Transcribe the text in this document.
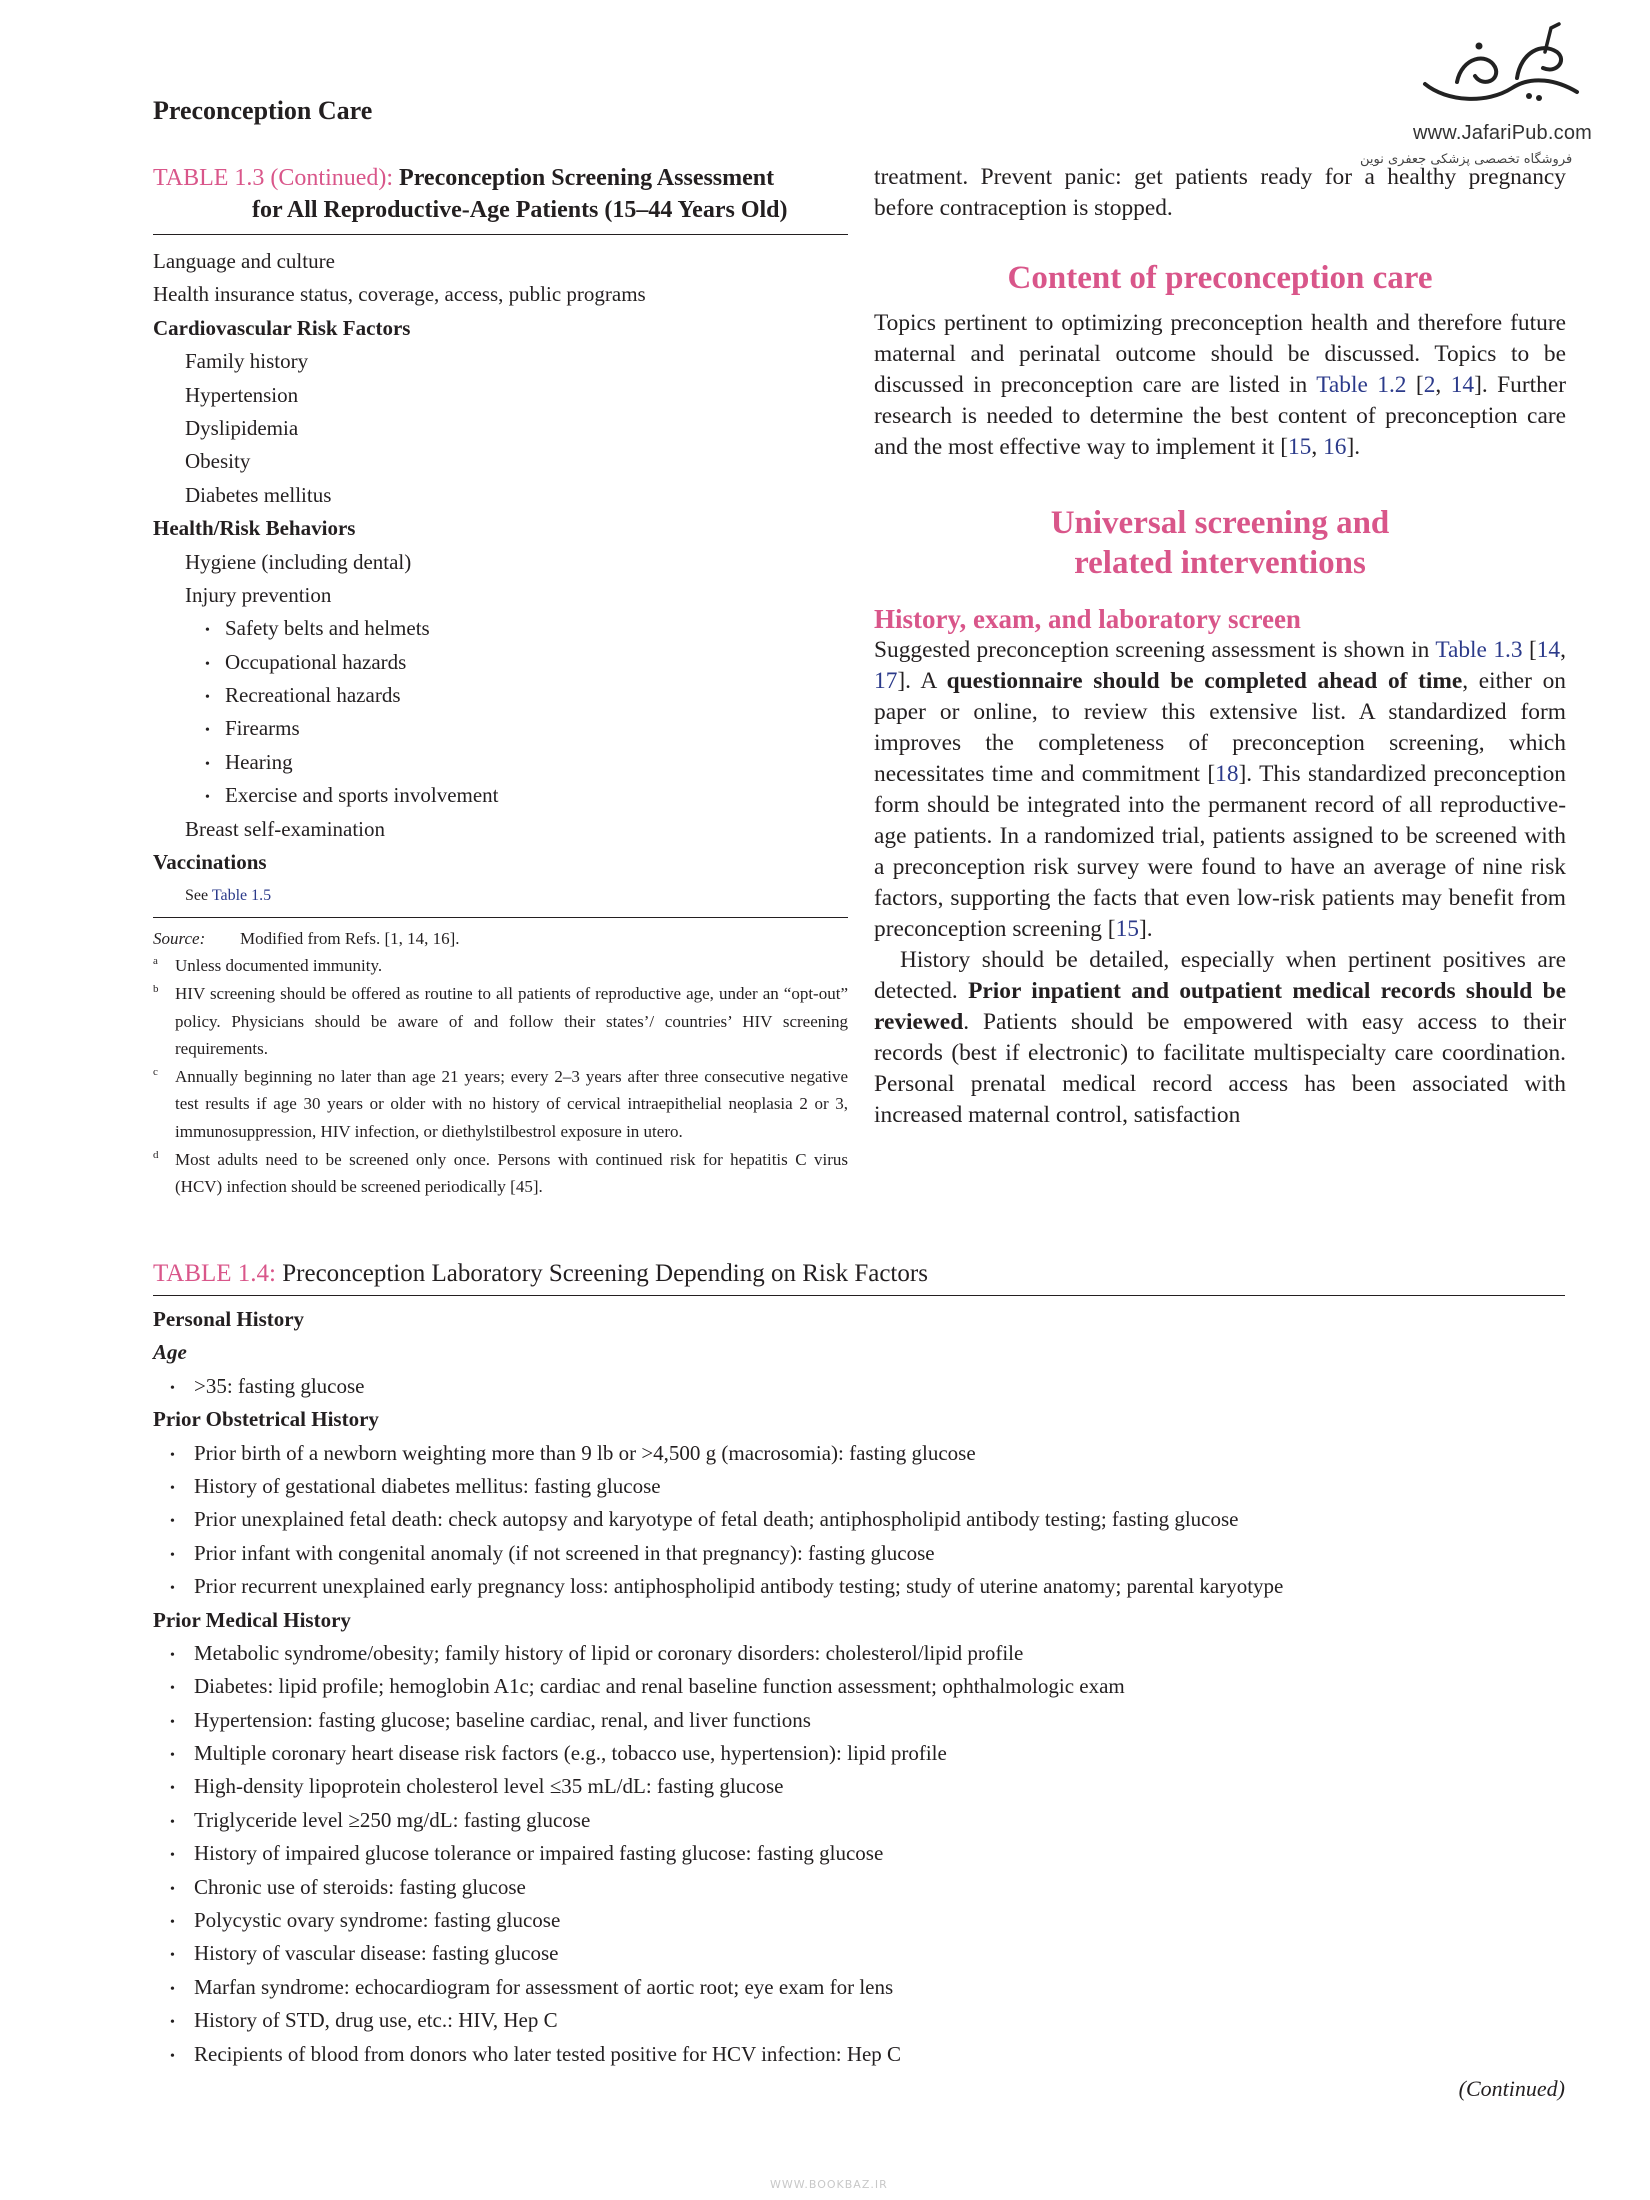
Preconception Care
www.JafariPub.com
فروشگاه تخصصی پزشکی جعفری نوین
TABLE 1.3 (Continued): Preconception Screening Assessment
for All Reproductive-Age Patients (15–44 Years Old)
Language and culture
Health insurance status, coverage, access, public programs
Cardiovascular Risk Factors
Family history
Hypertension
Dyslipidemia
Obesity
Diabetes mellitus
Health/Risk Behaviors
Hygiene (including dental)
Injury prevention
• Safety belts and helmets
• Occupational hazards
• Recreational hazards
• Firearms
• Hearing
• Exercise and sports involvement
Breast self-examination
Vaccinations
See Table 1.5
Source:	Modified from Refs. [1, 14, 16].
a	Unless documented immunity.
b HIV screening should be offered as routine to all patients of reproductive age, under an “opt-out” policy. Physicians should be aware of and follow their states’/ countries’ HIV screening requirements.
c	Annually beginning no later than age 21 years; every 2–3 years after three consecutive negative test results if age 30 years or older with no history of cervical intraepithelial neoplasia 2 or 3, immunosuppression, HIV infection, or diethylstilbestrol exposure in utero.
d Most adults need to be screened only once. Persons with continued risk for hepatitis C virus (HCV) infection should be screened periodically [45].

treatment. Prevent panic: get patients ready for a healthy pregnancy before contraception is stopped.

Content of preconception care

Topics pertinent to optimizing preconception health and therefore future maternal and perinatal outcome should be discussed. Topics to be discussed in preconception care are listed in Table 1.2 [2, 14]. Further research is needed to determine the best content of preconception care and the most effective way to implement it [15, 16].

Universal screening and
related interventions
History, exam, and laboratory screen

Suggested preconception screening assessment is shown in Table 1.3 [14, 17]. A questionnaire should be completed ahead of time, either on paper or online, to review this extensive list. A standardized form improves the completeness of preconception screening, which necessitates time and commitment [18]. This standardized preconception form should be integrated into the permanent record of all reproductive-age patients. In a randomized trial, patients assigned to be screened with a preconception risk survey were found to have an average of nine risk factors, supporting the facts that even low-risk patients may benefit from preconception screening [15].

History should be detailed, especially when pertinent positives are detected. Prior inpatient and outpatient medical records should be reviewed. Patients should be empowered with easy access to their records (best if electronic) to facilitate multispecialty care coordination. Personal prenatal medical record access has been associated with increased maternal control, satisfaction

TABLE 1.4: Preconception Laboratory Screening Depending on Risk Factors
Personal History
Age
• >35: fasting glucose
Prior Obstetrical History
• Prior birth of a newborn weighting more than 9 lb or >4,500 g (macrosomia): fasting glucose
• History of gestational diabetes mellitus: fasting glucose
• Prior unexplained fetal death: check autopsy and karyotype of fetal death; antiphospholipid antibody testing; fasting glucose
• Prior infant with congenital anomaly (if not screened in that pregnancy): fasting glucose
• Prior recurrent unexplained early pregnancy loss: antiphospholipid antibody testing; study of uterine anatomy; parental karyotype
Prior Medical History
• Metabolic syndrome/obesity; family history of lipid or coronary disorders: cholesterol/lipid profile
• Diabetes: lipid profile; hemoglobin A1c; cardiac and renal baseline function assessment; ophthalmologic exam
• Hypertension: fasting glucose; baseline cardiac, renal, and liver functions
• Multiple coronary heart disease risk factors (e.g., tobacco use, hypertension): lipid profile
• High-density lipoprotein cholesterol level ≤35 mL/dL: fasting glucose
• Triglyceride level ≥250 mg/dL: fasting glucose
• History of impaired glucose tolerance or impaired fasting glucose: fasting glucose
• Chronic use of steroids: fasting glucose
• Polycystic ovary syndrome: fasting glucose
• History of vascular disease: fasting glucose
• Marfan syndrome: echocardiogram for assessment of aortic root; eye exam for lens
• History of STD, drug use, etc.: HIV, Hep C
• Recipients of blood from donors who later tested positive for HCV infection: Hep C
(Continued)
WWW.BOOKBAZ.IR
